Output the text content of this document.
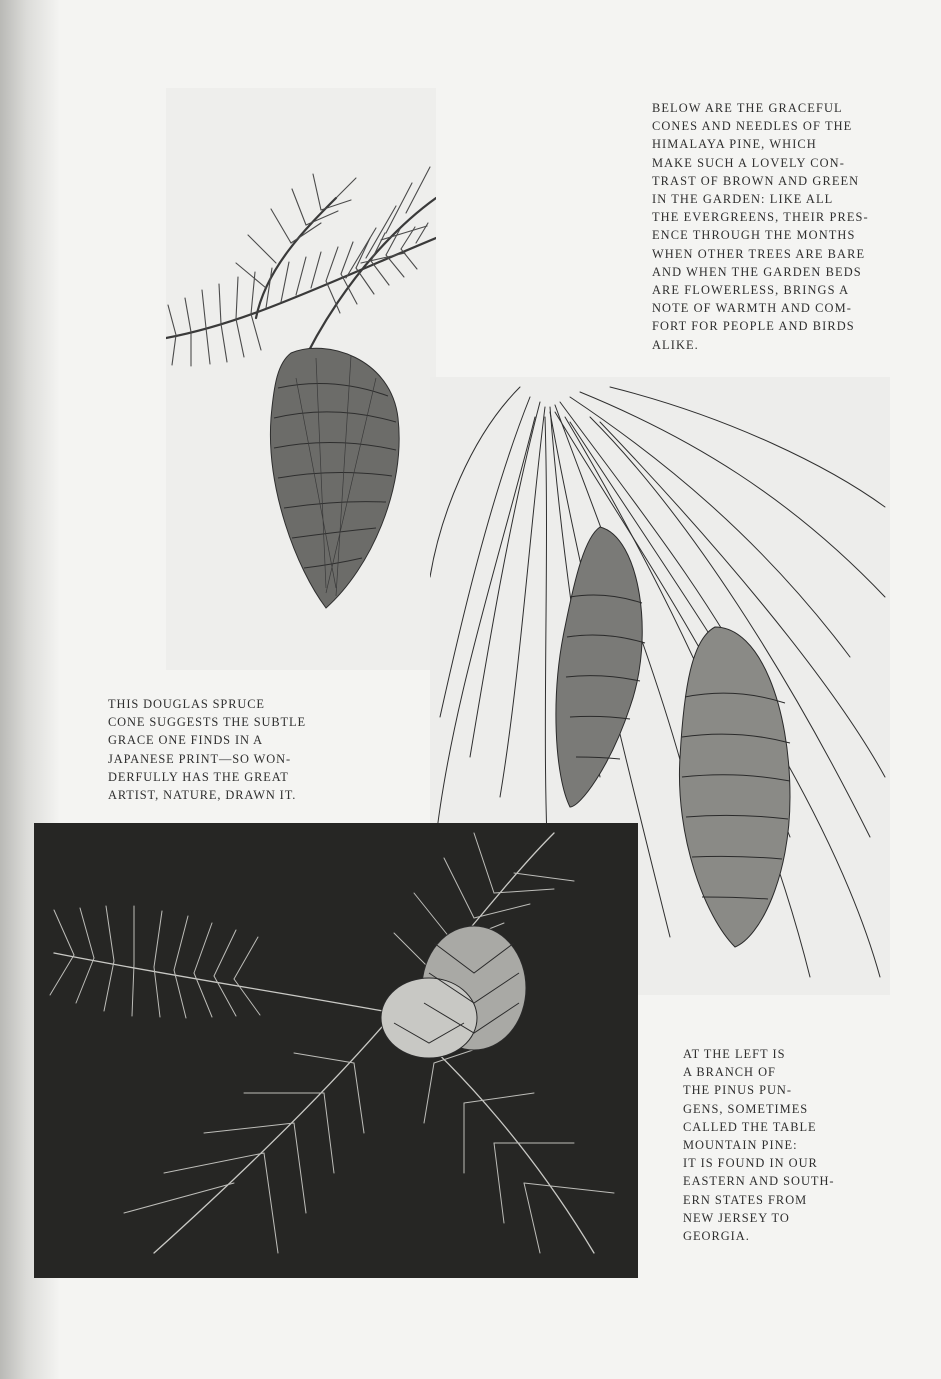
BELOW ARE THE GRACEFUL
CONES AND NEEDLES OF THE
HIMALAYA PINE, WHICH
MAKE SUCH A LOVELY CON-
TRAST OF BROWN AND GREEN
IN THE GARDEN: LIKE ALL
THE EVERGREENS, THEIR PRES-
ENCE THROUGH THE MONTHS
WHEN OTHER TREES ARE BARE
AND WHEN THE GARDEN BEDS
ARE FLOWERLESS, BRINGS A
NOTE OF WARMTH AND COM-
FORT FOR PEOPLE AND BIRDS
ALIKE.
THIS DOUGLAS SPRUCE
CONE SUGGESTS THE SUBTLE
GRACE ONE FINDS IN A
JAPANESE PRINT—SO WON-
DERFULLY HAS THE GREAT
ARTIST, NATURE, DRAWN IT.
AT THE LEFT IS
A BRANCH OF
THE PINUS PUN-
GENS, SOMETIMES
CALLED THE TABLE
MOUNTAIN PINE:
IT IS FOUND IN OUR
EASTERN AND SOUTH-
ERN STATES FROM
NEW JERSEY TO
GEORGIA.
